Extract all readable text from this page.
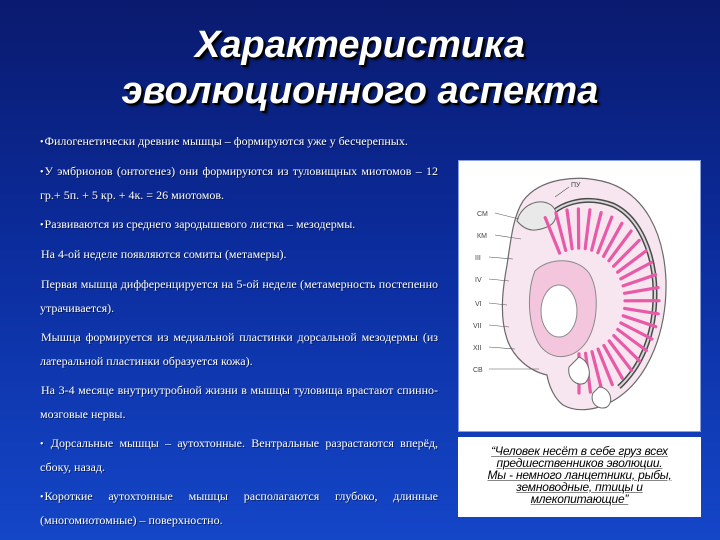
Характеристика
эволюционного аспекта

•Филогенетически древние мышцы – формируются уже у бесчерепных.

•У эмбрионов (онтогенез) они формируются из туловищных миотомов – 12 гр.+ 5п. + 5 кр. + 4к. = 26 миотомов.

•Развиваются из среднего зародышевого листка – мезодермы.

На 4-ой неделе появляются сомиты (метамеры).

Первая мышца дифференцируется на 5-ой неделе (метамерность постепенно утрачивается).

Мышца формируется из медиальной пластинки дорсальной мезодермы (из латеральной пластинки образуется кожа).

На 3-4 месяце внутриутробной жизни в мышцы туловища врастают спинно-мозговые нервы.

• Дорсальные мышцы – аутохтонные. Вентральные разрастаются вперёд, сбоку, назад.

•Короткие аутохтонные мышцы располагаются глубоко, длинные (многомиотомные) – поверхностно.

СМ
КМ
III
IV
VI
VII
XII
СВ
ПУ
“Человек несёт в себе груз всех
предшественников эволюции.
Мы - немного ланцетники, рыбы,
земноводные, птицы и
млекопитающие”
